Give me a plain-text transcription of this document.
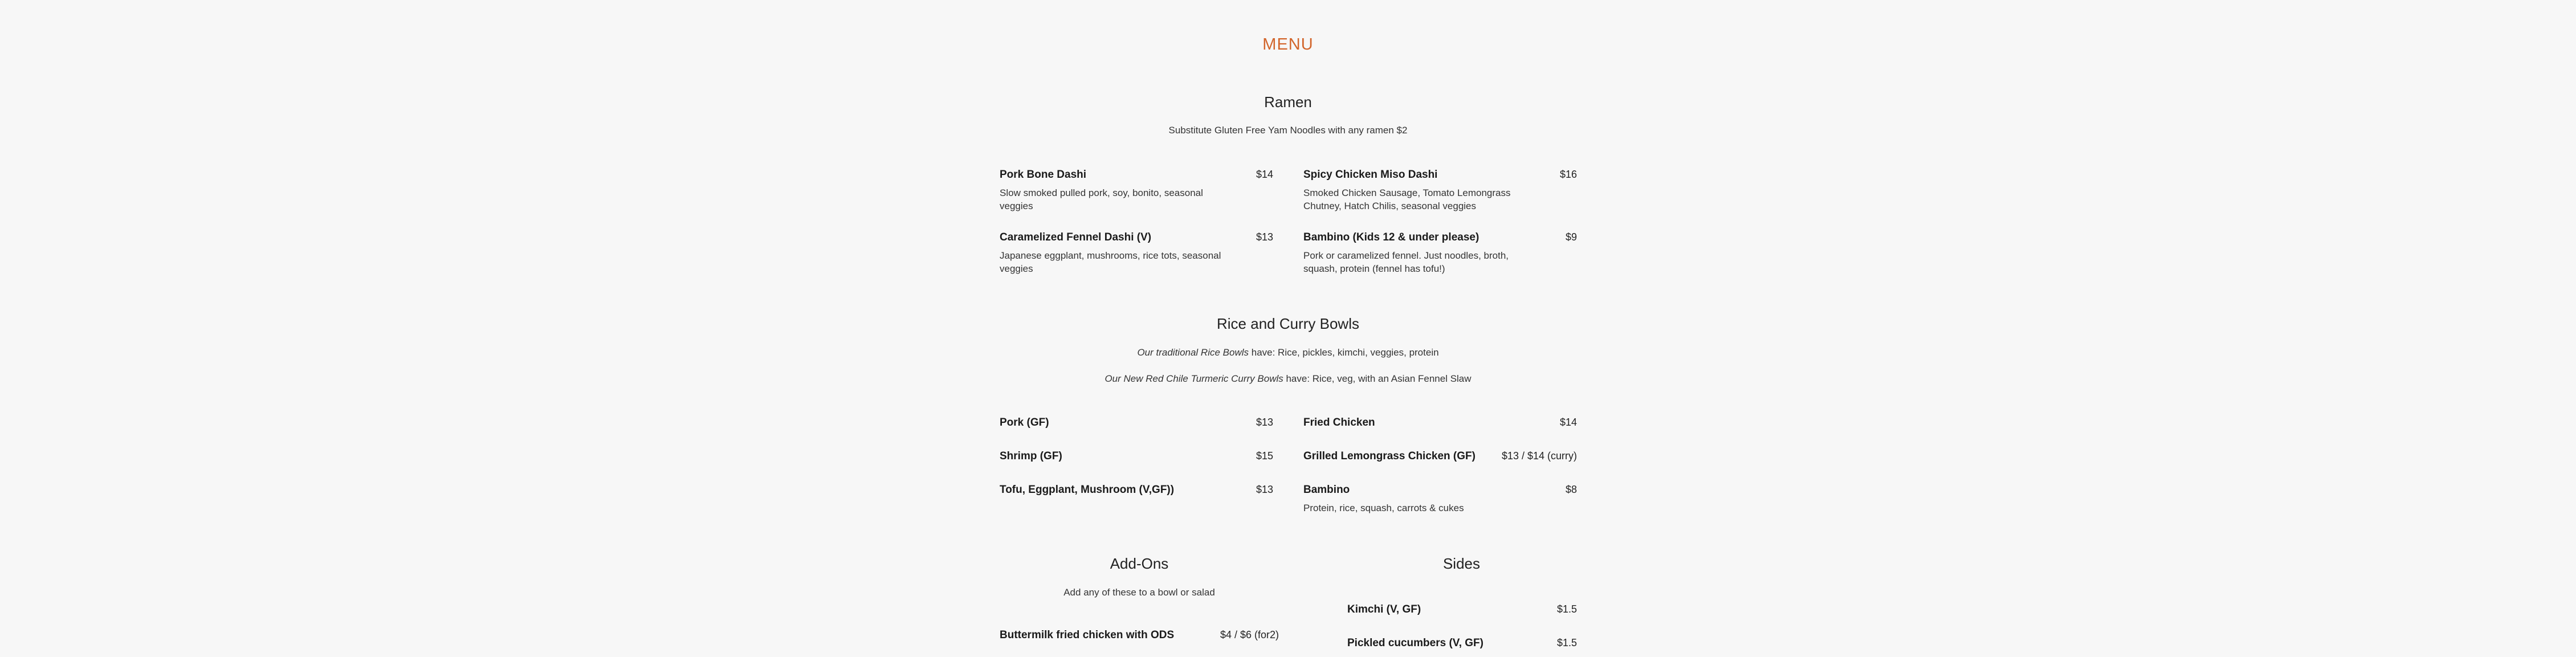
MENU
Ramen
Substitute Gluten Free Yam Noodles with any ramen $2
Pork Bone Dashi	$14
Slow smoked pulled pork, soy, bonito, seasonal veggies
Spicy Chicken Miso Dashi	$16
Smoked Chicken Sausage, Tomato Lemongrass Chutney, Hatch Chilis, seasonal veggies
Caramelized Fennel Dashi (V)	$13
Japanese eggplant, mushrooms, rice tots, seasonal veggies
Bambino (Kids 12 & under please)	$9
Pork or caramelized fennel. Just noodles, broth, squash, protein (fennel has tofu!)
Rice and Curry Bowls
Our traditional Rice Bowls have: Rice, pickles, kimchi, veggies, protein
Our New Red Chile Turmeric Curry Bowls have: Rice, veg, with an Asian Fennel Slaw
Pork (GF)	$13	Fried Chicken	$14
Shrimp (GF)	$15	Grilled Lemongrass Chicken (GF)	$13 / $14 (curry)
Tofu, Eggplant, Mushroom (V,GF))	$13	Bambino	$8
Protein, rice, squash, carrots & cukes
Add-Ons
Add any of these to a bowl or salad
Buttermilk fried chicken with ODS	$4 / $6 (for2)
Sides
Kimchi (V, GF)	$1.5
Pickled cucumbers (V, GF)	$1.5
